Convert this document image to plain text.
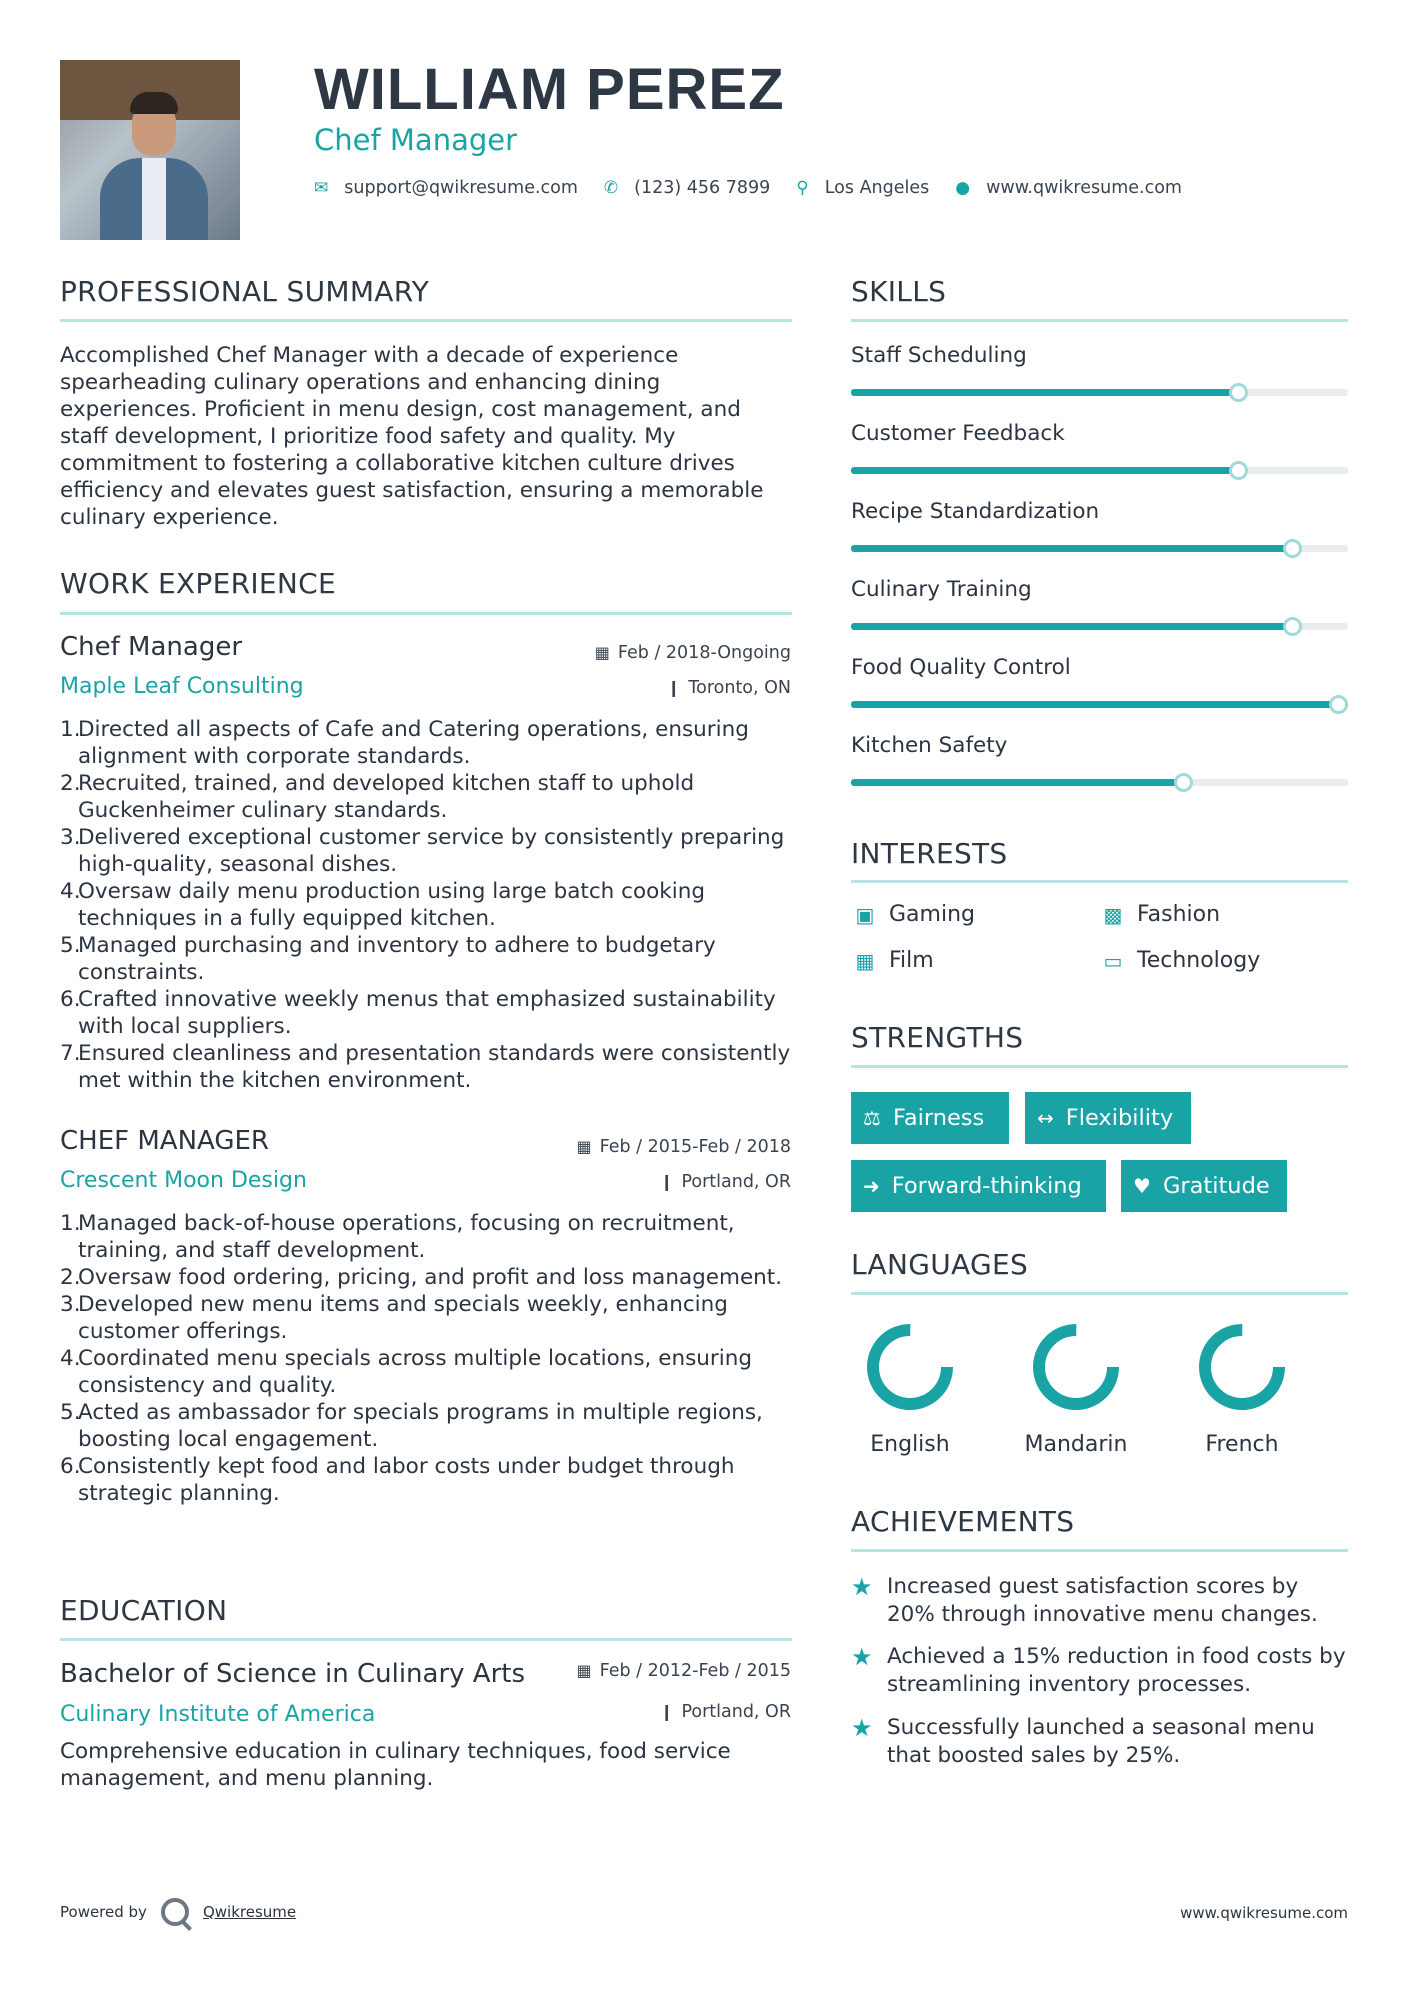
WILLIAM PEREZ
Chef Manager
✉ support@qwikresume.com ✆ (123) 456 7899 ⚲ Los Angeles ● www.qwikresume.com
PROFESSIONAL SUMMARY
Accomplished Chef Manager with a decade of experience spearheading culinary operations and enhancing dining experiences. Proficient in menu design, cost management, and staff development, I prioritize food safety and quality. My commitment to fostering a collaborative kitchen culture drives efficiency and elevates guest satisfaction, ensuring a memorable culinary experience.
WORK EXPERIENCE
Chef Manager	▦ Feb / 2018-Ongoing
Maple Leaf Consulting	❙ Toronto, ON
Directed all aspects of Cafe and Catering operations, ensuring alignment with corporate standards.
Recruited, trained, and developed kitchen staff to uphold Guckenheimer culinary standards.
Delivered exceptional customer service by consistently preparing high-quality, seasonal dishes.
Oversaw daily menu production using large batch cooking techniques in a fully equipped kitchen.
Managed purchasing and inventory to adhere to budgetary constraints.
Crafted innovative weekly menus that emphasized sustainability with local suppliers.
Ensured cleanliness and presentation standards were consistently met within the kitchen environment.
CHEF MANAGER	▦ Feb / 2015-Feb / 2018
Crescent Moon Design	❙ Portland, OR
Managed back-of-house operations, focusing on recruitment, training, and staff development.
Oversaw food ordering, pricing, and profit and loss management.
Developed new menu items and specials weekly, enhancing customer offerings.
Coordinated menu specials across multiple locations, ensuring consistency and quality.
Acted as ambassador for specials programs in multiple regions, boosting local engagement.
Consistently kept food and labor costs under budget through strategic planning.
EDUCATION
Bachelor of Science in Culinary Arts	▦ Feb / 2012-Feb / 2015
Culinary Institute of America	❙ Portland, OR
Comprehensive education in culinary techniques, food service management, and menu planning.
SKILLS
Staff Scheduling
Customer Feedback
Recipe Standardization
Culinary Training
Food Quality Control
Kitchen Safety
INTERESTS
▣ Gaming	▩ Fashion
▦ Film	▭ Technology
STRENGTHS
⚖ Fairness	↔ Flexibility
➜ Forward-thinking	♥ Gratitude
LANGUAGES
English	Mandarin	French
ACHIEVEMENTS
★ Increased guest satisfaction scores by 20% through innovative menu changes.
★ Achieved a 15% reduction in food costs by streamlining inventory processes.
★ Successfully launched a seasonal menu that boosted sales by 25%.
Powered by	Qwikresume	www.qwikresume.com
